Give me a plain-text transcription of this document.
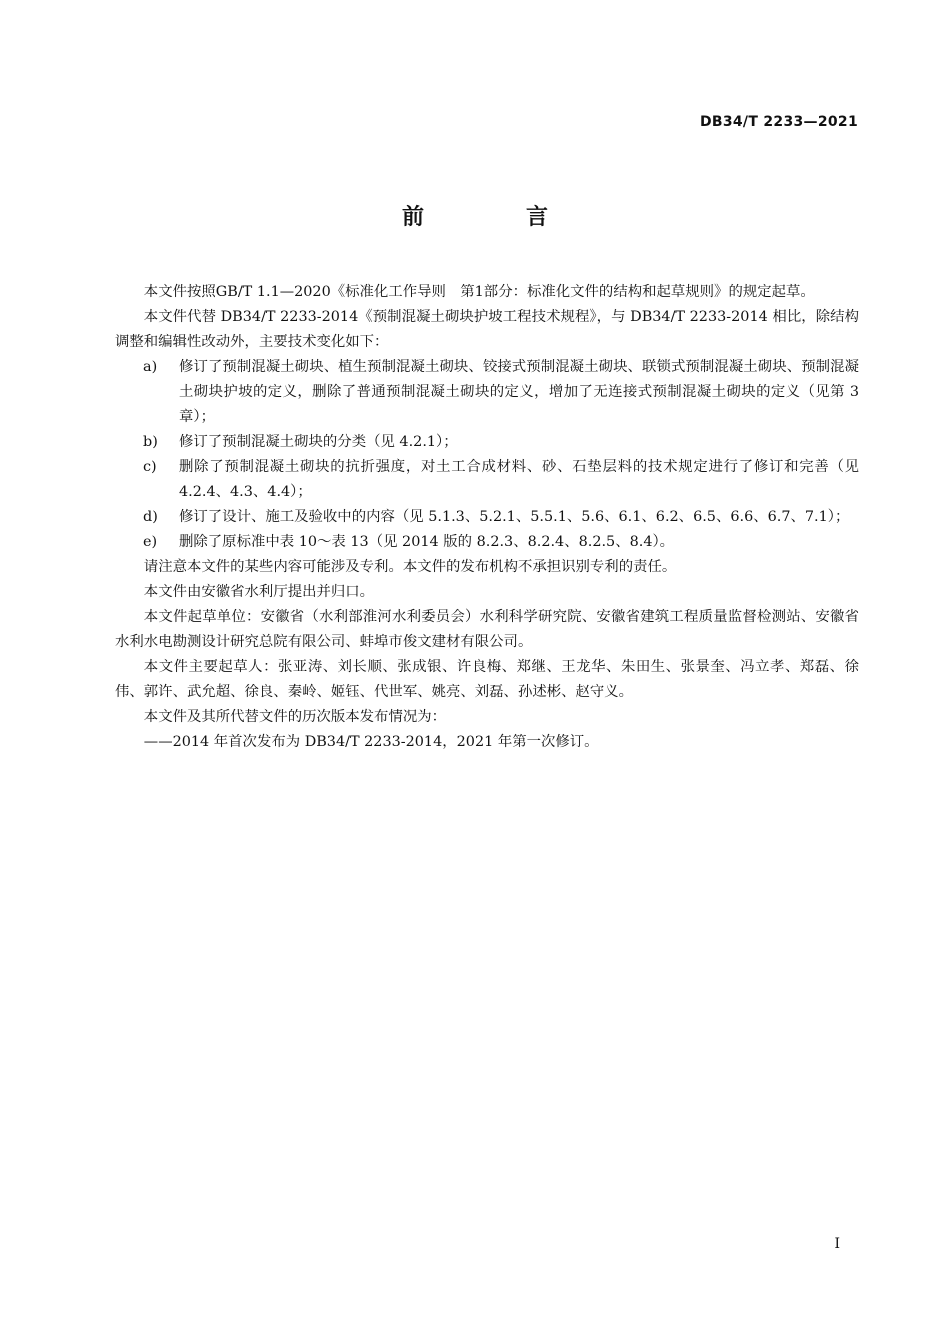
DB34/T 2233—2021
前　言
本文件按照GB/T 1.1—2020《标准化工作导则　第1部分：标准化文件的结构和起草规则》的规定起草。
本文件代替 DB34/T 2233-2014《预制混凝土砌块护坡工程技术规程》，与 DB34/T 2233-2014 相比，除结构调整和编辑性改动外，主要技术变化如下：
a)	修订了预制混凝土砌块、植生预制混凝土砌块、铰接式预制混凝土砌块、联锁式预制混凝土砌块、预制混凝土砌块护坡的定义，删除了普通预制混凝土砌块的定义，增加了无连接式预制混凝土砌块的定义（见第 3 章）；
b)	修订了预制混凝土砌块的分类（见 4.2.1）；
c)	删除了预制混凝土砌块的抗折强度，对土工合成材料、砂、石垫层料的技术规定进行了修订和完善（见 4.2.4、4.3、4.4）；
d)	修订了设计、施工及验收中的内容（见 5.1.3、5.2.1、5.5.1、5.6、6.1、6.2、6.5、6.6、6.7、7.1）；
e)	删除了原标准中表 10～表 13（见 2014 版的 8.2.3、8.2.4、8.2.5、8.4）。
请注意本文件的某些内容可能涉及专利。本文件的发布机构不承担识别专利的责任。
本文件由安徽省水利厅提出并归口。
本文件起草单位：安徽省（水利部淮河水利委员会）水利科学研究院、安徽省建筑工程质量监督检测站、安徽省水利水电勘测设计研究总院有限公司、蚌埠市俊文建材有限公司。
本文件主要起草人：张亚涛、刘长顺、张成银、许良梅、郑继、王龙华、朱田生、张景奎、冯立孝、郑磊、徐伟、郭许、武允超、徐良、秦岭、姬钰、代世军、姚亮、刘磊、孙述彬、赵守义。
本文件及其所代替文件的历次版本发布情况为：
——2014 年首次发布为 DB34/T 2233-2014，2021 年第一次修订。
I
